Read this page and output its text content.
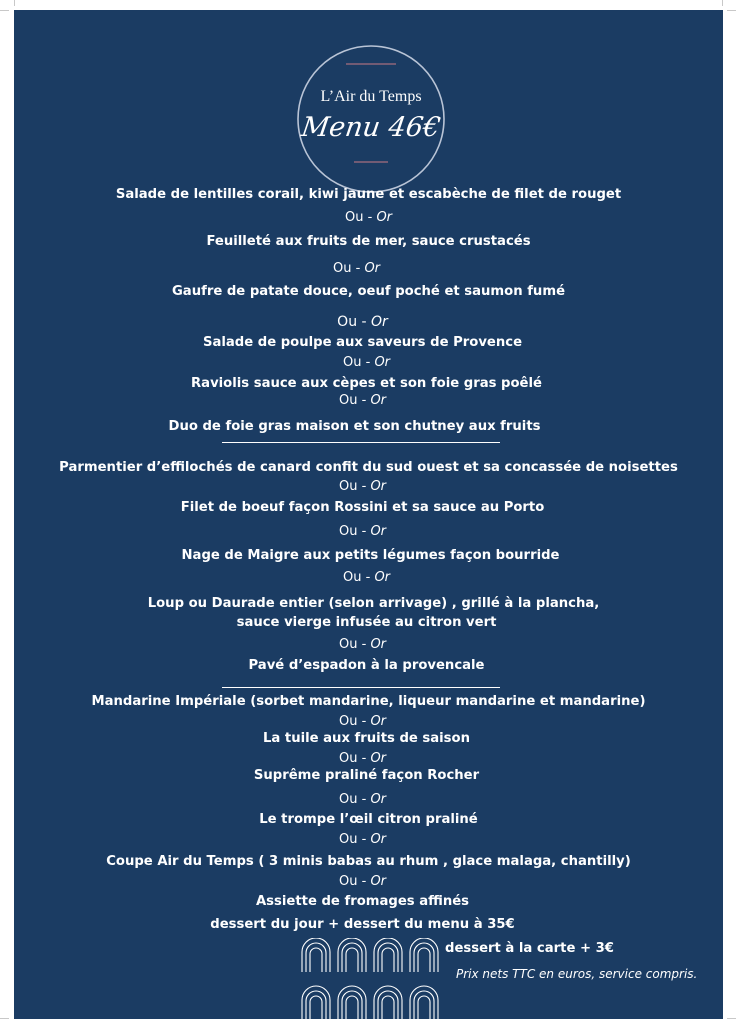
L’Air du Temps
Menu 46€
Salade de lentilles corail, kiwi jaune et escabèche de filet de rouget
Ou - Or
Feuilleté aux fruits de mer, sauce crustacés
Ou - Or
Gaufre de patate douce, oeuf poché et saumon fumé
Ou - Or
Salade de poulpe aux saveurs de Provence
Ou - Or
Raviolis sauce aux cèpes et son foie gras poêlé
Ou - Or
Duo de foie gras maison et son chutney aux fruits
Parmentier d’effilochés de canard confit du sud ouest et sa concassée de noisettes
Ou - Or
Filet de boeuf façon Rossini et sa sauce au Porto
Ou - Or
Nage de Maigre aux petits légumes façon bourride
Ou - Or
Loup ou Daurade entier (selon arrivage) , grillé à la plancha,
sauce vierge infusée au citron vert
Ou - Or
Pavé d’espadon à la provencale
Mandarine Impériale (sorbet mandarine, liqueur mandarine et mandarine)
Ou - Or
La tuile aux fruits de saison
Ou - Or
Suprême praliné façon Rocher
Ou - Or
Le trompe l’œil citron praliné
Ou - Or
Coupe Air du Temps ( 3 minis babas au rhum , glace malaga, chantilly)
Ou - Or
Assiette de fromages affinés
dessert du jour + dessert du menu à 35€
dessert à la carte + 3€
Prix nets TTC en euros, service compris.
